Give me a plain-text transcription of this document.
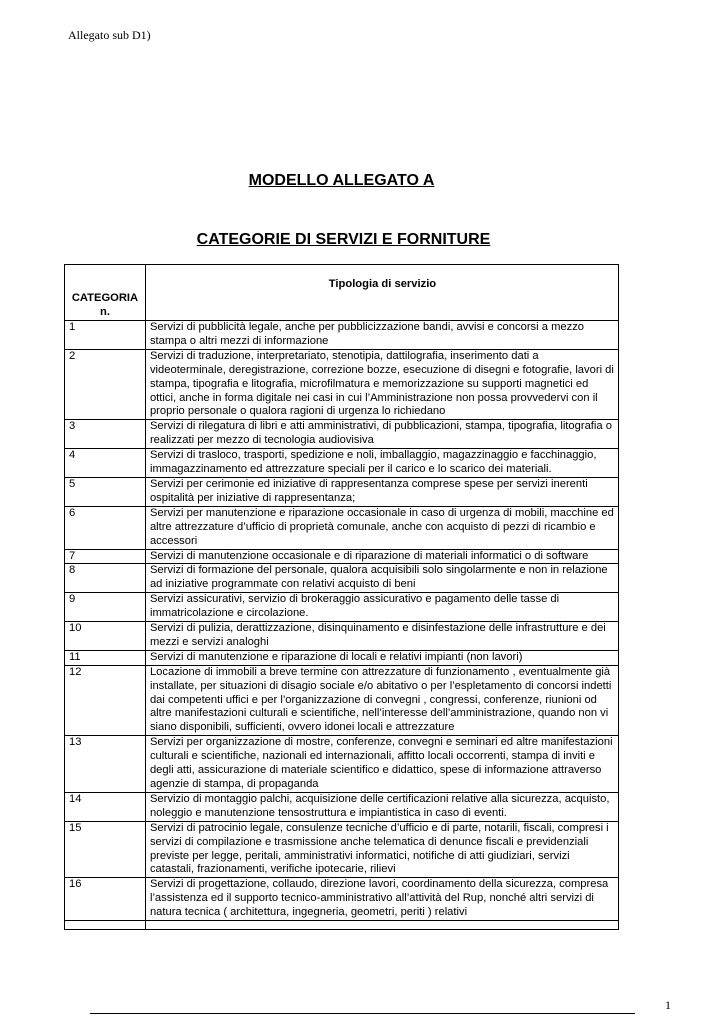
Allegato sub D1)
MODELLO ALLEGATO A
CATEGORIE DI SERVIZI E FORNITURE
CATEGORIA
n.	Tipologia di servizio
1	Servizi di pubblicità legale, anche per pubblicizzazione bandi, avvisi e concorsi a mezzo stampa o altri mezzi di informazione
2	Servizi di traduzione, interpretariato, stenotipia, dattilografia, inserimento dati a videoterminale, deregistrazione, correzione bozze, esecuzione di disegni e fotografie, lavori di stampa, tipografia e litografia, microfilmatura e memorizzazione su supporti magnetici ed ottici, anche in forma digitale nei casi in cui l’Amministrazione non possa provvedervi con il proprio personale o qualora ragioni di urgenza lo richiedano
3	Servizi di rilegatura di libri e atti amministrativi, di pubblicazioni, stampa, tipografia, litografia o realizzati per mezzo di tecnologia audiovisiva
4	Servizi di trasloco, trasporti, spedizione e noli, imballaggio, magazzinaggio e facchinaggio, immagazzinamento ed attrezzature speciali per il carico e lo scarico dei materiali.
5	Servizi per cerimonie ed iniziative di rappresentanza comprese spese per servizi inerenti ospitalità per iniziative di rappresentanza;
6	Servizi per manutenzione e riparazione occasionale in caso di urgenza di mobili, macchine ed altre attrezzature d’ufficio di proprietà comunale, anche con acquisto di pezzi di ricambio e accessori
7	Servizi di manutenzione occasionale e di riparazione di materiali informatici o di software
8	Servizi di formazione del personale, qualora acquisibili solo singolarmente e non in relazione ad iniziative programmate con relativi acquisto di beni
9	Servizi assicurativi, servizio di brokeraggio assicurativo e pagamento delle tasse di immatricolazione e circolazione.
10	Servizi di pulizia, derattizzazione, disinquinamento e disinfestazione delle infrastrutture e dei mezzi e servizi analoghi
11	Servizi di manutenzione e riparazione di locali e relativi impianti (non lavori)
12	Locazione di immobili a breve termine con attrezzature di funzionamento , eventualmente già installate, per situazioni di disagio sociale e/o abitativo o per l’espletamento di concorsi indetti dai competenti uffici e per l’organizzazione di convegni , congressi, conferenze, riunioni od altre manifestazioni culturali e scientifiche, nell’interesse dell’amministrazione, quando non vi siano disponibili, sufficienti, ovvero idonei locali e attrezzature
13	Servizi per organizzazione di mostre, conferenze, convegni e seminari ed altre manifestazioni culturali e scientifiche, nazionali ed internazionali, affitto locali occorrenti, stampa di inviti e degli atti, assicurazione di materiale scientifico e didattico, spese di informazione attraverso agenzie di stampa, di propaganda
14	Servizio di montaggio palchi, acquisizione delle certificazioni relative alla sicurezza, acquisto, noleggio e manutenzione tensostruttura e impiantistica in caso di eventi.
15	Servizi di patrocinio legale, consulenze tecniche d’ufficio e di parte, notarili, fiscali, compresi i servizi di compilazione e trasmissione anche telematica di denunce fiscali e previdenziali previste per legge, peritali, amministrativi informatici, notifiche di atti giudiziari, servizi catastali, frazionamenti, verifiche ipotecarie, rilievi
16	Servizi di progettazione, collaudo, direzione lavori, coordinamento della sicurezza, compresa l’assistenza ed il supporto tecnico-amministrativo all’attività del Rup, nonché altri servizi di natura tecnica ( architettura, ingegneria, geometri, periti ) relativi

1
